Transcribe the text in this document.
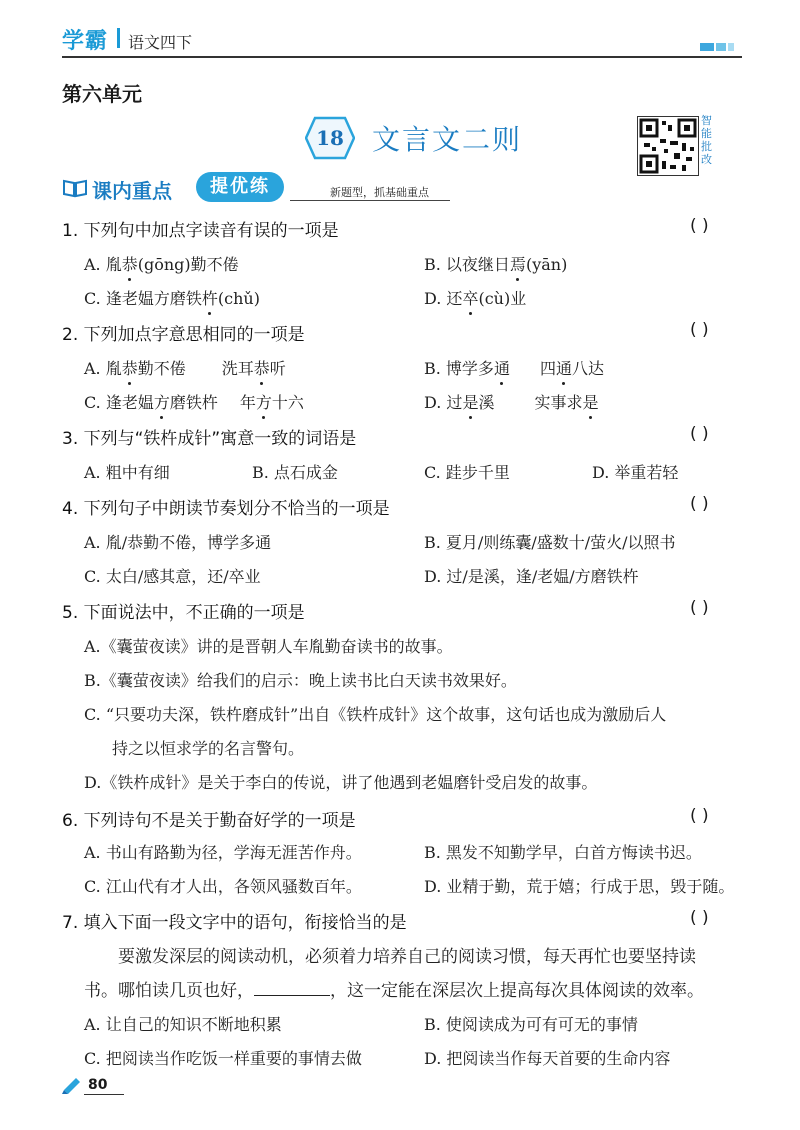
学霸 语文四下
第六单元
18	文言文二则
智能批改
课内重点	提优练	新题型，抓基础重点
1. 下列句中加点字读音有误的一项是	( )
A. 胤恭(gōng)勤不倦	B. 以夜继日焉(yān)
C. 逢老媪方磨铁杵(chǔ)	D. 还卒(cù)业
2. 下列加点字意思相同的一项是	( )
A. 胤恭勤不倦 洗耳恭听	B. 博学多通 四通八达
C. 逢老媪方磨铁杵 年方十六	D. 过是溪	实事求是
3. 下列与“铁杵成针”寓意一致的词语是	( )
A. 粗中有细	B. 点石成金	C. 跬步千里	D. 举重若轻
4. 下列句子中朗读节奏划分不恰当的一项是	( )
A. 胤/恭勤不倦，博学多通	B. 夏月/则练囊/盛数十/萤火/以照书
C. 太白/感其意，还/卒业	D. 过/是溪，逢/老媪/方磨铁杵
5. 下面说法中，不正确的一项是	( )
A.《囊萤夜读》讲的是晋朝人车胤勤奋读书的故事。
B.《囊萤夜读》给我们的启示：晚上读书比白天读书效果好。
C. “只要功夫深，铁杵磨成针”出自《铁杵成针》这个故事，这句话也成为激励后人
持之以恒求学的名言警句。
D.《铁杵成针》是关于李白的传说，讲了他遇到老媪磨针受启发的故事。
6. 下列诗句不是关于勤奋好学的一项是	( )
A. 书山有路勤为径，学海无涯苦作舟。	B. 黑发不知勤学早，白首方悔读书迟。
C. 江山代有才人出，各领风骚数百年。	D. 业精于勤，荒于嬉；行成于思，毁于随。
7. 填入下面一段文字中的语句，衔接恰当的是	( )
要激发深层的阅读动机，必须着力培养自己的阅读习惯，每天再忙也要坚持读
书。哪怕读几页也好，	，这一定能在深层次上提高每次具体阅读的效率。
A. 让自己的知识不断地积累	B. 使阅读成为可有可无的事情
C. 把阅读当作吃饭一样重要的事情去做	D. 把阅读当作每天首要的生命内容
80
